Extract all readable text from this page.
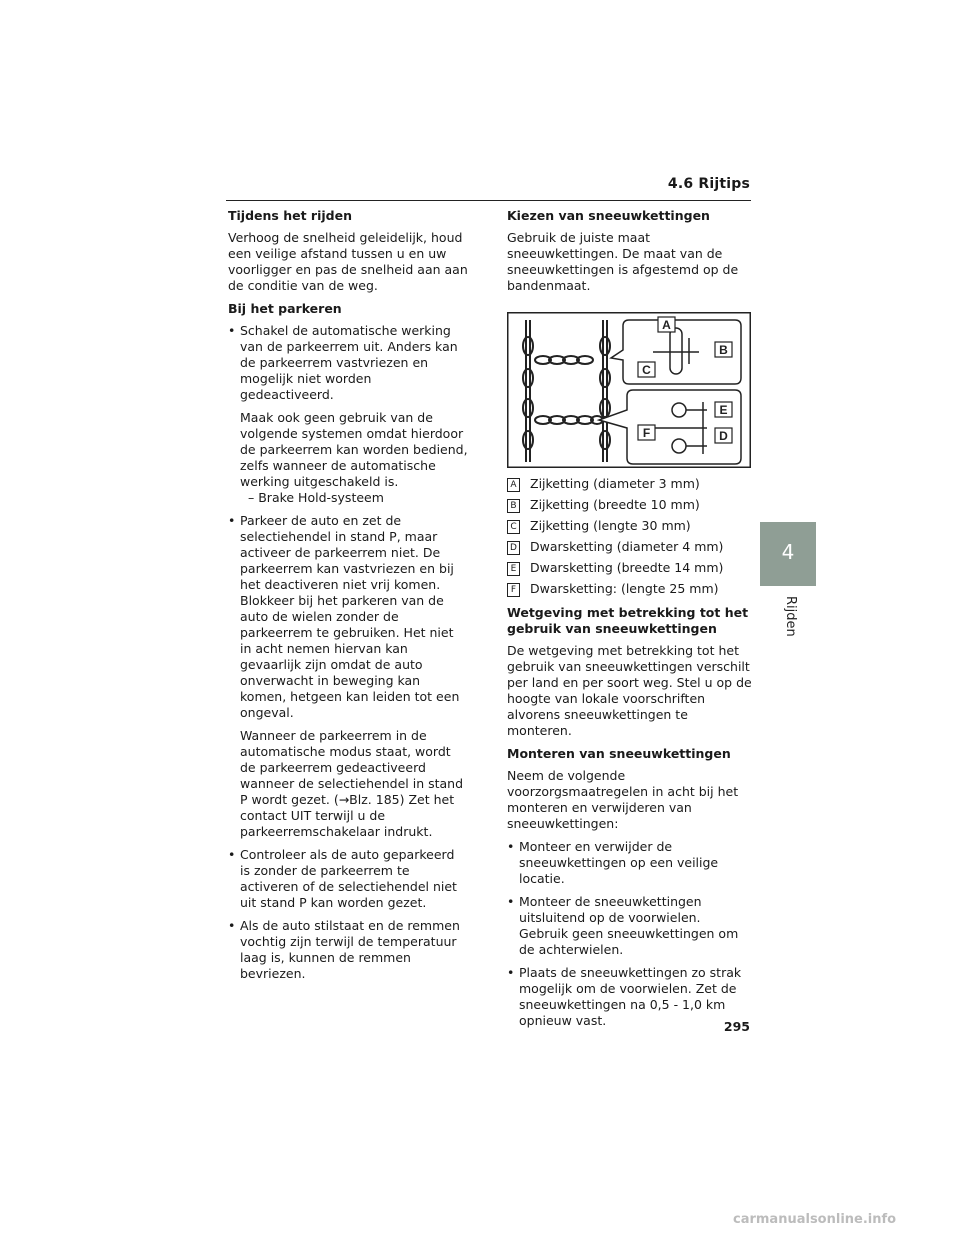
4.6 Rijtips
4
Rijden
Tijdens het rijden

Verhoog de snelheid geleidelijk, houd een veilige afstand tussen u en uw voorligger en pas de snelheid aan aan de conditie van de weg.

Bij het parkeren
• Schakel de automatische werking van de parkeerrem uit. Anders kan de parkeerrem vastvriezen en mogelijk niet worden gedeactiveerd.

Maak ook geen gebruik van de volgende systemen omdat hierdoor de parkeerrem kan worden bediend, zelfs wanneer de automatische werking uitgeschakeld is.

– Brake Hold-systeem

• Parkeer de auto en zet de selectiehendel in stand P, maar activeer de parkeerrem niet. De parkeerrem kan vastvriezen en bij het deactiveren niet vrij komen. Blokkeer bij het parkeren van de auto de wielen zonder de parkeerrem te gebruiken. Het niet in acht nemen hiervan kan gevaarlijk zijn omdat de auto onverwacht in beweging kan komen, hetgeen kan leiden tot een ongeval.

Wanneer de parkeerrem in de automatische modus staat, wordt de parkeerrem gedeactiveerd wanneer de selectiehendel in stand P wordt gezet. (→Blz. 185) Zet het contact UIT terwijl u de parkeerremschakelaar indrukt.

• Controleer als de auto geparkeerd is zonder de parkeerrem te activeren of de selectiehendel niet uit stand P kan worden gezet.
• Als de auto stilstaat en de remmen vochtig zijn terwijl de temperatuur laag is, kunnen de remmen bevriezen.
Kiezen van sneeuwkettingen

Gebruik de juiste maat sneeuwkettingen. De maat van de sneeuwkettingen is afgestemd op de bandenmaat.

A
B
C
D
E
F
A Zijketting (diameter 3 mm)
B Zijketting (breedte 10 mm)
C Zijketting (lengte 30 mm)
D Dwarsketting (diameter 4 mm)
E Dwarsketting (breedte 14 mm)
F	Dwarsketting: (lengte 25 mm)
Wetgeving met betrekking tot het gebruik van sneeuwkettingen

De wetgeving met betrekking tot het gebruik van sneeuwkettingen verschilt per land en per soort weg. Stel u op de hoogte van lokale voorschriften alvorens sneeuwkettingen te monteren.

Monteren van sneeuwkettingen

Neem de volgende voorzorgsmaatregelen in acht bij het monteren en verwijderen van sneeuwkettingen:

• Monteer en verwijder de sneeuwkettingen op een veilige locatie.
• Monteer de sneeuwkettingen uitsluitend op de voorwielen. Gebruik geen sneeuwkettingen om de achterwielen.
• Plaats de sneeuwkettingen zo strak mogelijk om de voorwielen. Zet de sneeuwkettingen na 0,5 - 1,0 km opnieuw vast.	295
carmanualsonline.info
